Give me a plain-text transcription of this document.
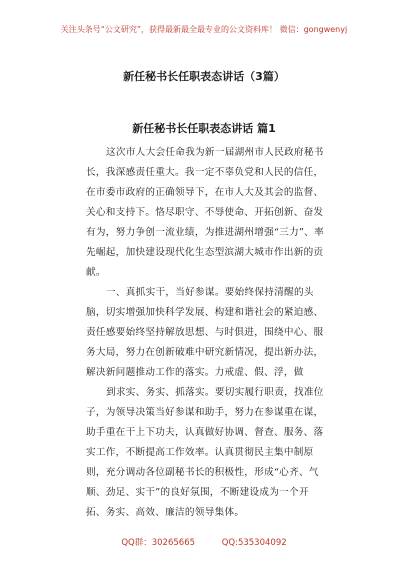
关注头条号“公文研究”，获得最新最全最专业的公文资料库！ 微信：gongwenyj
新任秘书长任职表态讲话（3篇）
新任秘书长任职表态讲话 篇1

这次市人大会任命我为新一届湖州市人民政府秘书长，我深感责任重大。我一定不辜负党和人民的信任，在市委市政府的正确领导下，在市人大及其会的监督、关心和支持下。恪尽职守、不辱使命、开拓创新、奋发有为，努力争创一流业绩，为推进湖州增强“三力”、率先崛起，加快建设现代化生态型滨湖大城市作出新的贡献。

一、真抓实干，当好参谋。要始终保持清醒的头脑，切实增强加快科学发展、构建和谐社会的紧迫感、责任感要始终坚持解放思想、与时俱进，围绕中心、服务大局，努力在创新破难中研究新情况，提出新办法，解决新问题推动工作的落实。力戒虚、假、浮，做

到求实、务实、抓落实。要切实履行职责，找准位子，为领导决策当好参谋和助手，努力在参谋重在谋，助手重在干上下功夫，认真做好协调、督查、服务、落实工作，不断提高工作效率。认真贯彻民主集中制原则，充分调动各位副秘书长的积极性，形成“心齐、气顺、劲足、实干”的良好氛围，不断建设成为一个开拓、务实、高效、廉洁的领导集体。

QQ群：30265665	QQ:535304092
